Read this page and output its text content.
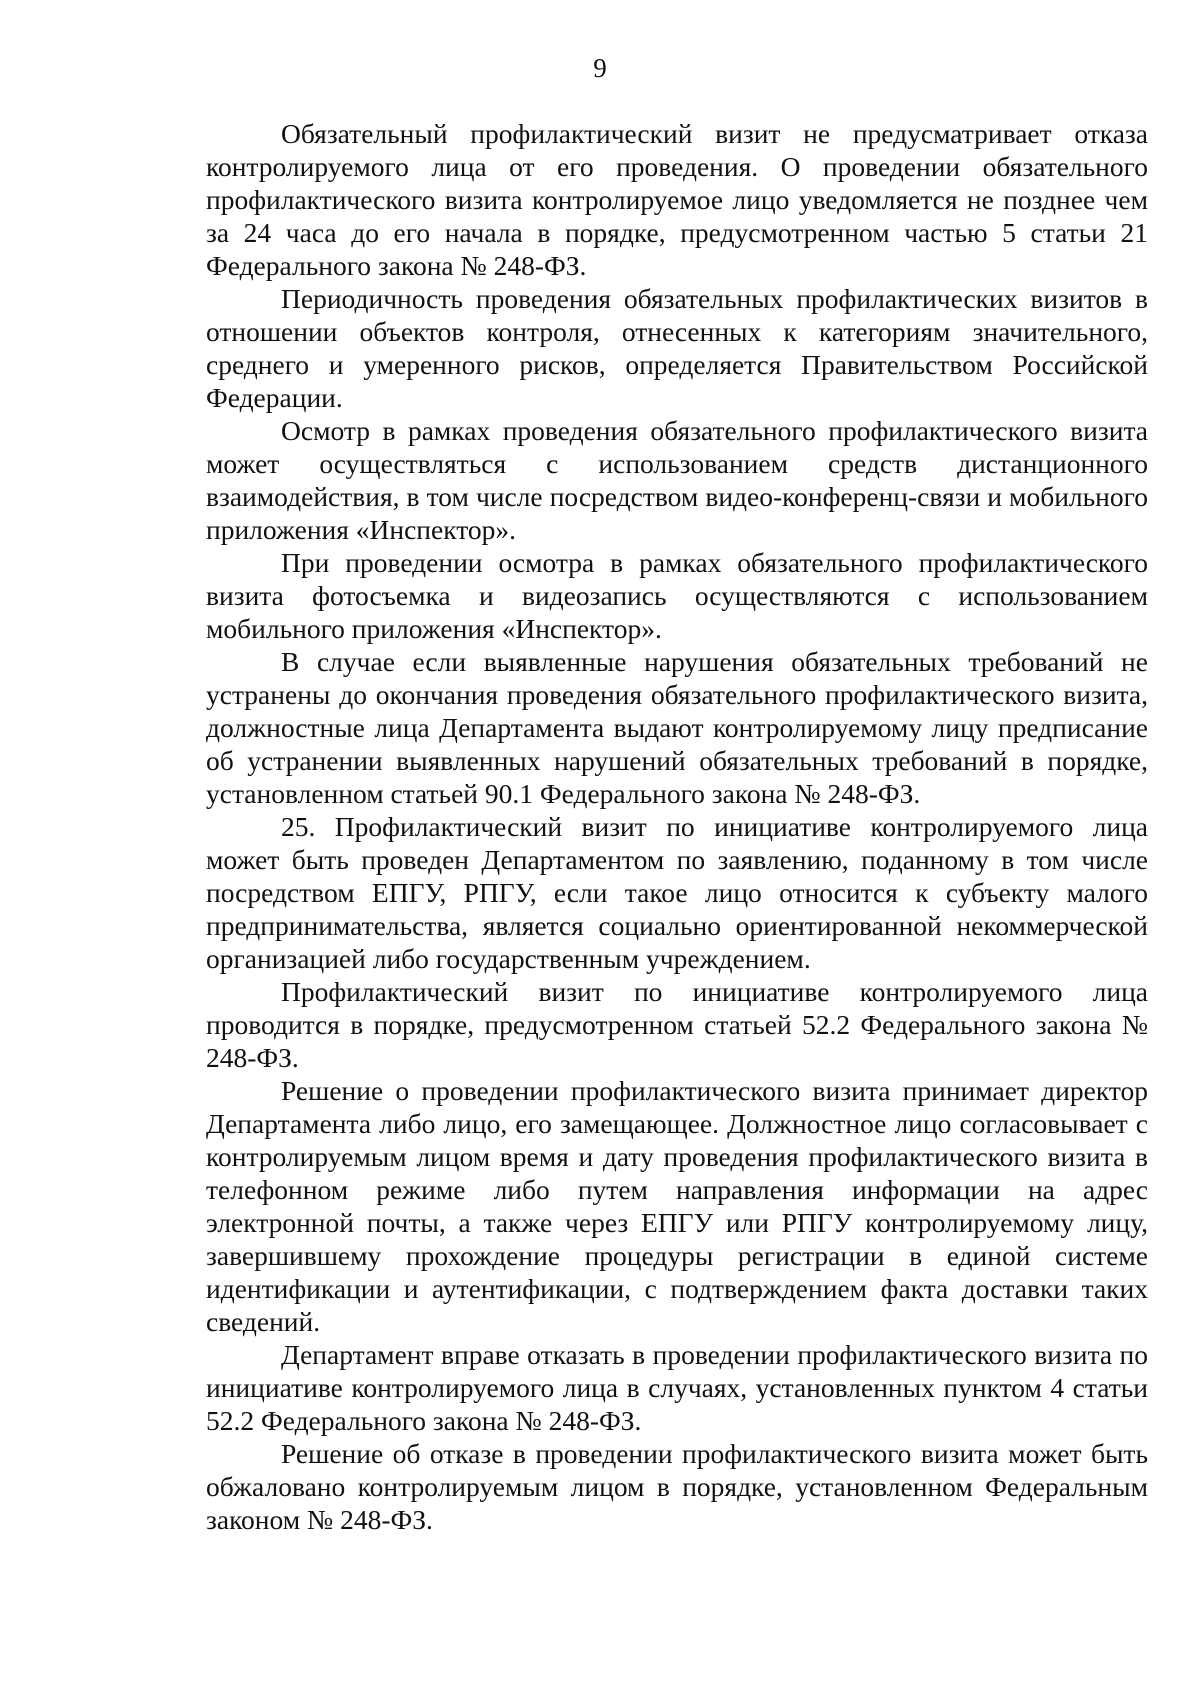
9

Обязательный профилактический визит не предусматривает отказа контролируемого лица от его проведения. О проведении обязательного профилактического визита контролируемое лицо уведомляется не позднее чем за 24 часа до его начала в порядке, предусмотренном частью 5 статьи 21 Федерального закона № 248-ФЗ.

Периодичность проведения обязательных профилактических визитов в отношении объектов контроля, отнесенных к категориям значительного, среднего и умеренного рисков, определяется Правительством Российской Федерации.

Осмотр в рамках проведения обязательного профилактического визита может осуществляться с использованием средств дистанционного взаимодействия, в том числе посредством видео-конференц-связи и мобильного приложения «Инспектор».

При проведении осмотра в рамках обязательного профилактического визита фотосъемка и видеозапись осуществляются с использованием мобильного приложения «Инспектор».

В случае если выявленные нарушения обязательных требований не устранены до окончания проведения обязательного профилактического визита, должностные лица Департамента выдают контролируемому лицу предписание об устранении выявленных нарушений обязательных требований в порядке, установленном статьей 90.1 Федерального закона № 248-ФЗ.

25. Профилактический визит по инициативе контролируемого лица может быть проведен Департаментом по заявлению, поданному в том числе посредством ЕПГУ, РПГУ, если такое лицо относится к субъекту малого предпринимательства, является социально ориентированной некоммерческой организацией либо государственным учреждением.

Профилактический визит по инициативе контролируемого лица проводится в порядке, предусмотренном статьей 52.2 Федерального закона № 248-ФЗ.

Решение о проведении профилактического визита принимает директор Департамента либо лицо, его замещающее. Должностное лицо согласовывает с контролируемым лицом время и дату проведения профилактического визита в телефонном режиме либо путем направления информации на адрес электронной почты, а также через ЕПГУ или РПГУ контролируемому лицу, завершившему прохождение процедуры регистрации в единой системе идентификации и аутентификации, с подтверждением факта доставки таких сведений.

Департамент вправе отказать в проведении профилактического визита по инициативе контролируемого лица в случаях, установленных пунктом 4 статьи 52.2 Федерального закона № 248-ФЗ.

Решение об отказе в проведении профилактического визита может быть обжаловано контролируемым лицом в порядке, установленном Федеральным законом № 248-ФЗ.
